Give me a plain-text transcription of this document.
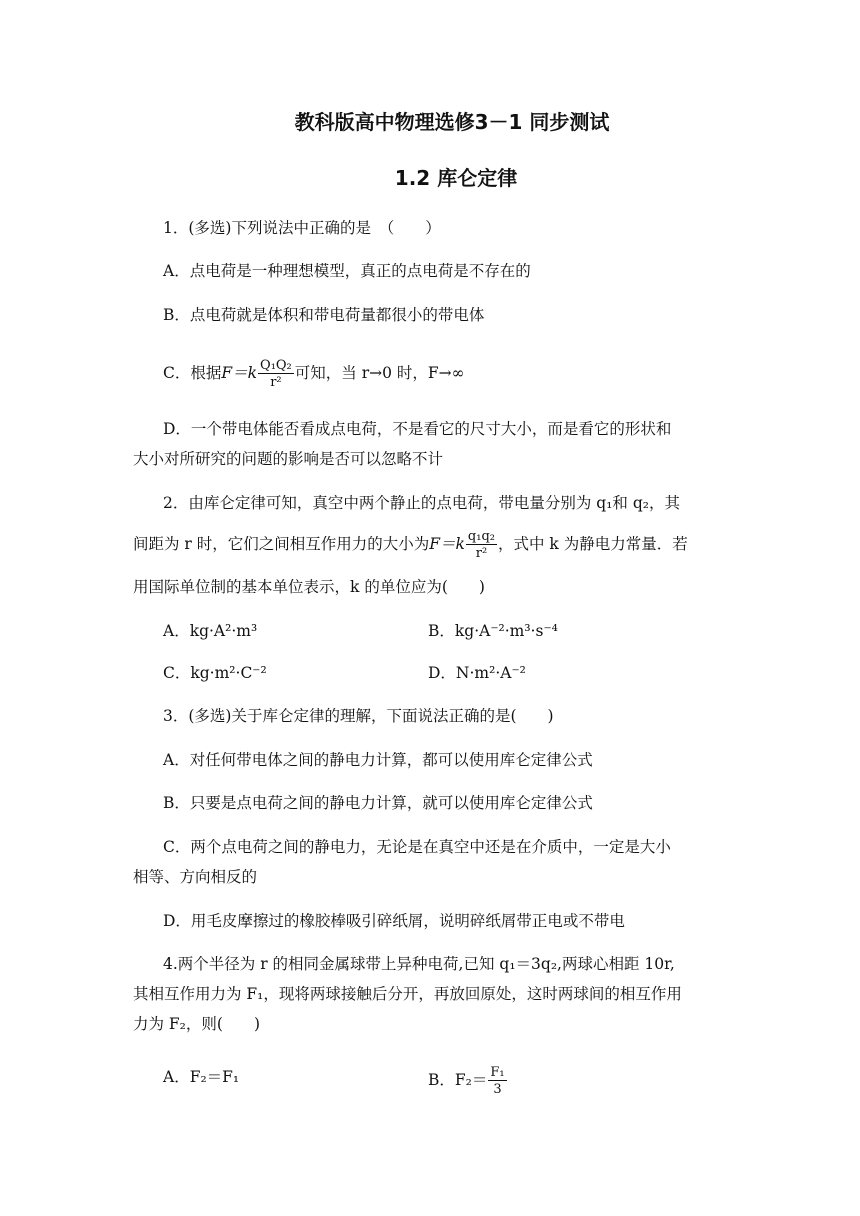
教科版高中物理选修3－1 同步测试
1.2 库仑定律
1．(多选)下列说法中正确的是　（　　）
A．点电荷是一种理想模型，真正的点电荷是不存在的
B．点电荷就是体积和带电荷量都很小的带电体
C．根据$F=k \frac{\text{Q₁Q₂}}{\text{r²}}$ 可知，当 r→0 时，F→∞
D．一个带电体能否看成点电荷，不是看它的尺寸大小，而是看它的形状和
大小对所研究的问题的影响是否可以忽略不计
2．由库仑定律可知，真空中两个静止的点电荷，带电量分别为 q₁和 q₂，其
间距为 r 时，它们之间相互作用力的大小为$F=k \frac{\text{q₁q₂}}{\text{r²}}$ ，式中 k 为静电力常量．若
用国际单位制的基本单位表示，k 的单位应为(　　)
A．kg·A²·m³	B．kg·A⁻²·m³·s⁻⁴
C．kg·m²·C⁻²	D．N·m²·A⁻²
3．(多选)关于库仑定律的理解，下面说法正确的是(　　)
A．对任何带电体之间的静电力计算，都可以使用库仑定律公式
B．只要是点电荷之间的静电力计算，就可以使用库仑定律公式
C．两个点电荷之间的静电力，无论是在真空中还是在介质中，一定是大小
相等、方向相反的
D．用毛皮摩擦过的橡胶棒吸引碎纸屑，说明碎纸屑带正电或不带电
4.两个半径为 r 的相同金属球带上异种电荷,已知 q₁＝3q₂,两球心相距 10r,
其相互作用力为 F₁，现将两球接触后分开，再放回原处，这时两球间的相互作用
力为 F₂，则(　　)
A．F₂＝F₁	B．$F_2= \frac{\text{F₁}}{3}$
